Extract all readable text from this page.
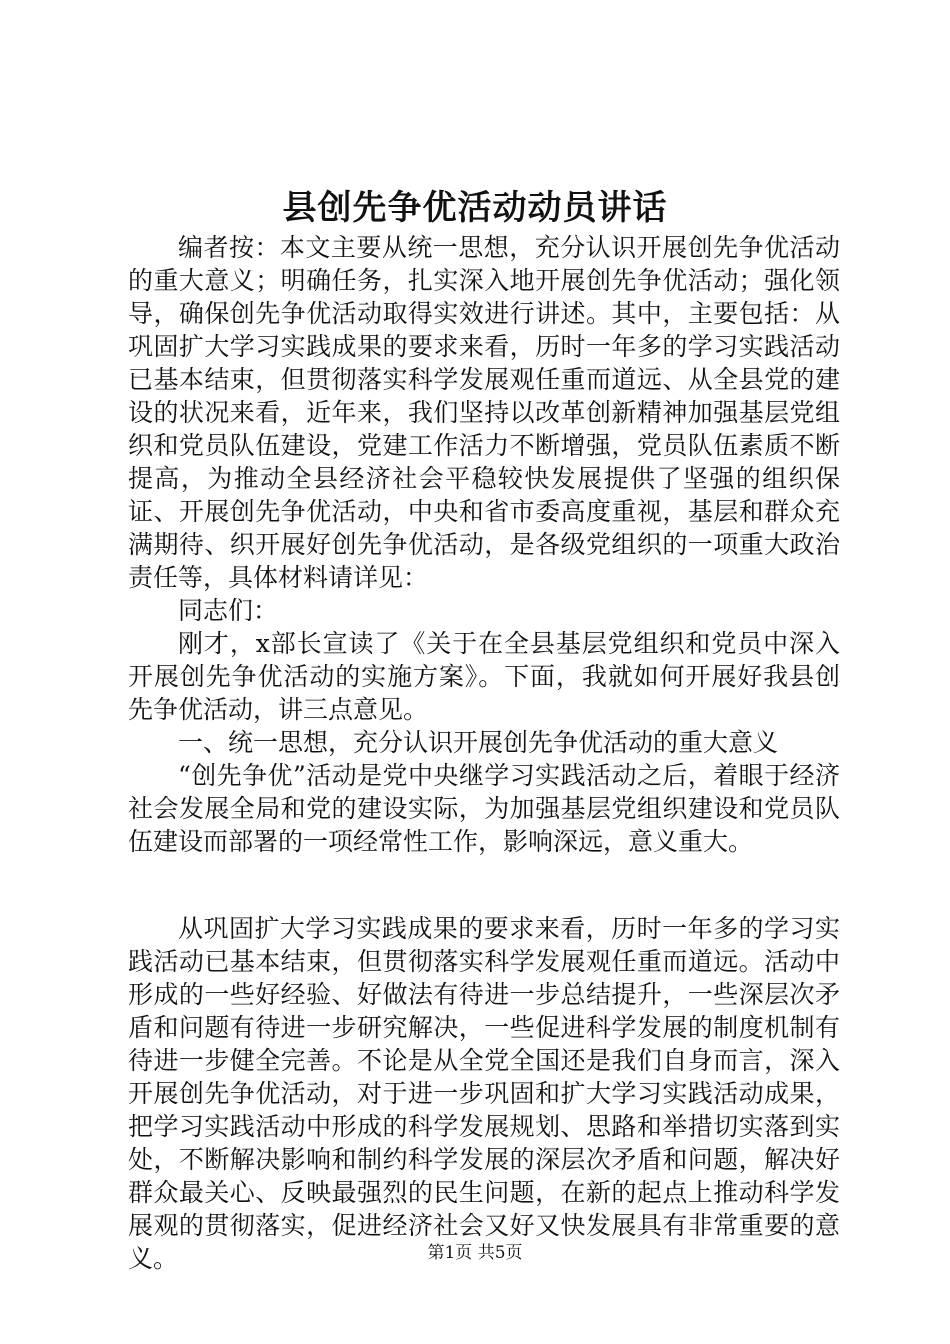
县创先争优活动动员讲话

编者按：本文主要从统一思想，充分认识开展创先争优活动的重大意义；明确任务，扎实深入地开展创先争优活动；强化领导，确保创先争优活动取得实效进行讲述。其中，主要包括：从巩固扩大学习实践成果的要求来看，历时一年多的学习实践活动已基本结束，但贯彻落实科学发展观任重而道远、从全县党的建设的状况来看，近年来，我们坚持以改革创新精神加强基层党组织和党员队伍建设，党建工作活力不断增强，党员队伍素质不断提高，为推动全县经济社会平稳较快发展提供了坚强的组织保证、开展创先争优活动，中央和省市委高度重视，基层和群众充满期待、织开展好创先争优活动，是各级党组织的一项重大政治责任等，具体材料请详见：

同志们：

刚才，x部长宣读了《关于在全县基层党组织和党员中深入开展创先争优活动的实施方案》。下面，我就如何开展好我县创先争优活动，讲三点意见。

一、统一思想，充分认识开展创先争优活动的重大意义

“创先争优”活动是党中央继学习实践活动之后，着眼于经济社会发展全局和党的建设实际，为加强基层党组织建设和党员队伍建设而部署的一项经常性工作，影响深远，意义重大。

从巩固扩大学习实践成果的要求来看，历时一年多的学习实践活动已基本结束，但贯彻落实科学发展观任重而道远。活动中形成的一些好经验、好做法有待进一步总结提升，一些深层次矛盾和问题有待进一步研究解决，一些促进科学发展的制度机制有待进一步健全完善。不论是从全党全国还是我们自身而言，深入开展创先争优活动，对于进一步巩固和扩大学习实践活动成果，把学习实践活动中形成的科学发展规划、思路和举措切实落到实处，不断解决影响和制约科学发展的深层次矛盾和问题，解决好群众最关心、反映最强烈的民生问题，在新的起点上推动科学发展观的贯彻落实，促进经济社会又好又快发展具有非常重要的意义。	第1页 共5页
